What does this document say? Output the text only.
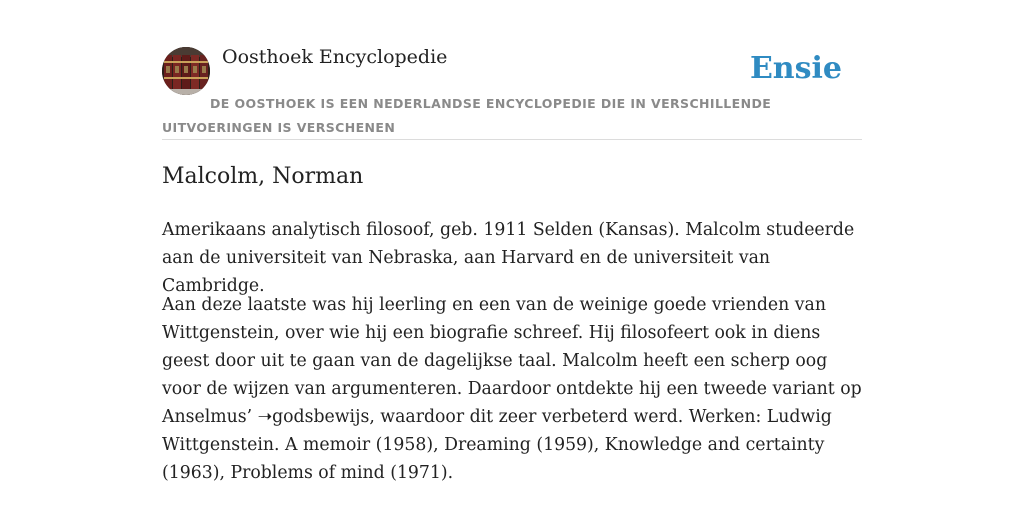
Oosthoek Encyclopedie	Ensie
DE OOSTHOEK IS EEN NEDERLANDSE ENCYCLOPEDIE DIE IN VERSCHILLENDE UITVOERINGEN IS VERSCHENEN
Malcolm, Norman

Amerikaans analytisch filosoof, geb. 1911 Selden (Kansas). Malcolm studeerde aan de universiteit van Nebraska, aan Harvard en de universiteit van Cambridge.

Aan deze laatste was hij leerling en een van de weinige goede vrienden van Wittgenstein, over wie hij een biografie schreef. Hij filosofeert ook in diens geest door uit te gaan van de dagelijkse taal. Malcolm heeft een scherp oog voor de wijzen van argumenteren. Daardoor ontdekte hij een tweede variant op Anselmus’ ➝godsbewijs, waardoor dit zeer verbeterd werd. Werken: Ludwig Wittgenstein. A memoir (1958), Dreaming (1959), Knowledge and certainty (1963), Problems of mind (1971).
